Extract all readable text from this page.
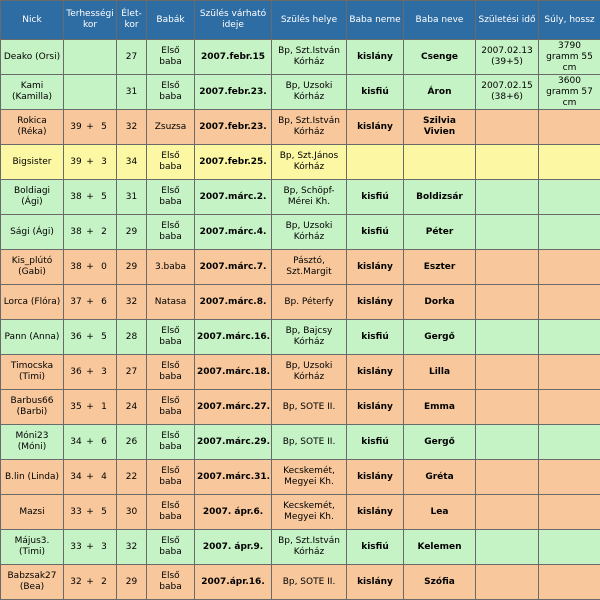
Nick	Terhességi kor	Élet-kor	Babák	Szülés várható ideje	Szülés helye	Baba neme	Baba neve	Születési idő	Súly, hossz
Deako (Orsi)		27	Első baba	2007.febr.15	Bp, Szt.István Kórház	kislány	Csenge	2007.02.13 (39+5)	3790 gramm 55 cm
Kami (Kamilla)		31	Első baba	2007.febr.23.	Bp, Uzsoki Kórház	kisfiú	Áron	2007.02.15 (38+6)	3600 gramm 57 cm
Rokica (Réka)	39 + 5	32	Zsuzsa	2007.febr.23.	Bp, Szt.István Kórház	kislány	Szilvia Vivien		
Bigsister	39 + 3	34	Első baba	2007.febr.25.	Bp, Szt.János Kórház				
Boldiagi (Ági)	38 + 5	31	Első baba	2007.márc.2.	Bp, Schöpf-Mérei Kh.	kisfiú	Boldizsár		
Sági (Ági)	38 + 2	29	Első baba	2007.márc.4.	Bp, Uzsoki Kórház	kisfiú	Péter		
Kis_plútó (Gabi)	38 + 0	29	3.baba	2007.márc.7.	Pásztó, Szt.Margit	kislány	Eszter		
Lorca (Flóra)	37 + 6	32	Natasa	2007.márc.8.	Bp. Péterfy	kislány	Dorka		
Pann (Anna)	36 + 5	28	Első baba	2007.márc.16.	Bp, Bajcsy Kórház	kisfiú	Gergő		
Timocska (Timi)	36 + 3	27	Első baba	2007.márc.18.	Bp, Uzsoki Kórház	kislány	Lilla		
Barbus66 (Barbi)	35 + 1	24	Első baba	2007.márc.27.	Bp, SOTE II.	kislány	Emma		
Móni23 (Móni)	34 + 6	26	Első baba	2007.márc.29.	Bp, SOTE II.	kisfiú	Gergő		
B.lin (Linda)	34 + 4	22	Első baba	2007.márc.31.	Kecskemét, Megyei Kh.	kislány	Gréta		
Mazsi	33 + 5	30	Első baba	2007. ápr.6.	Kecskemét, Megyei Kh.	kislány	Lea		
Május3. (Timi)	33 + 3	32	Első baba	2007. ápr.9.	Bp, Szt.István Kórház	kisfiú	Kelemen		
Babzsak27 (Bea)	32 + 2	29	Első baba	2007.ápr.16.	Bp, SOTE II.	kislány	Szófia		
